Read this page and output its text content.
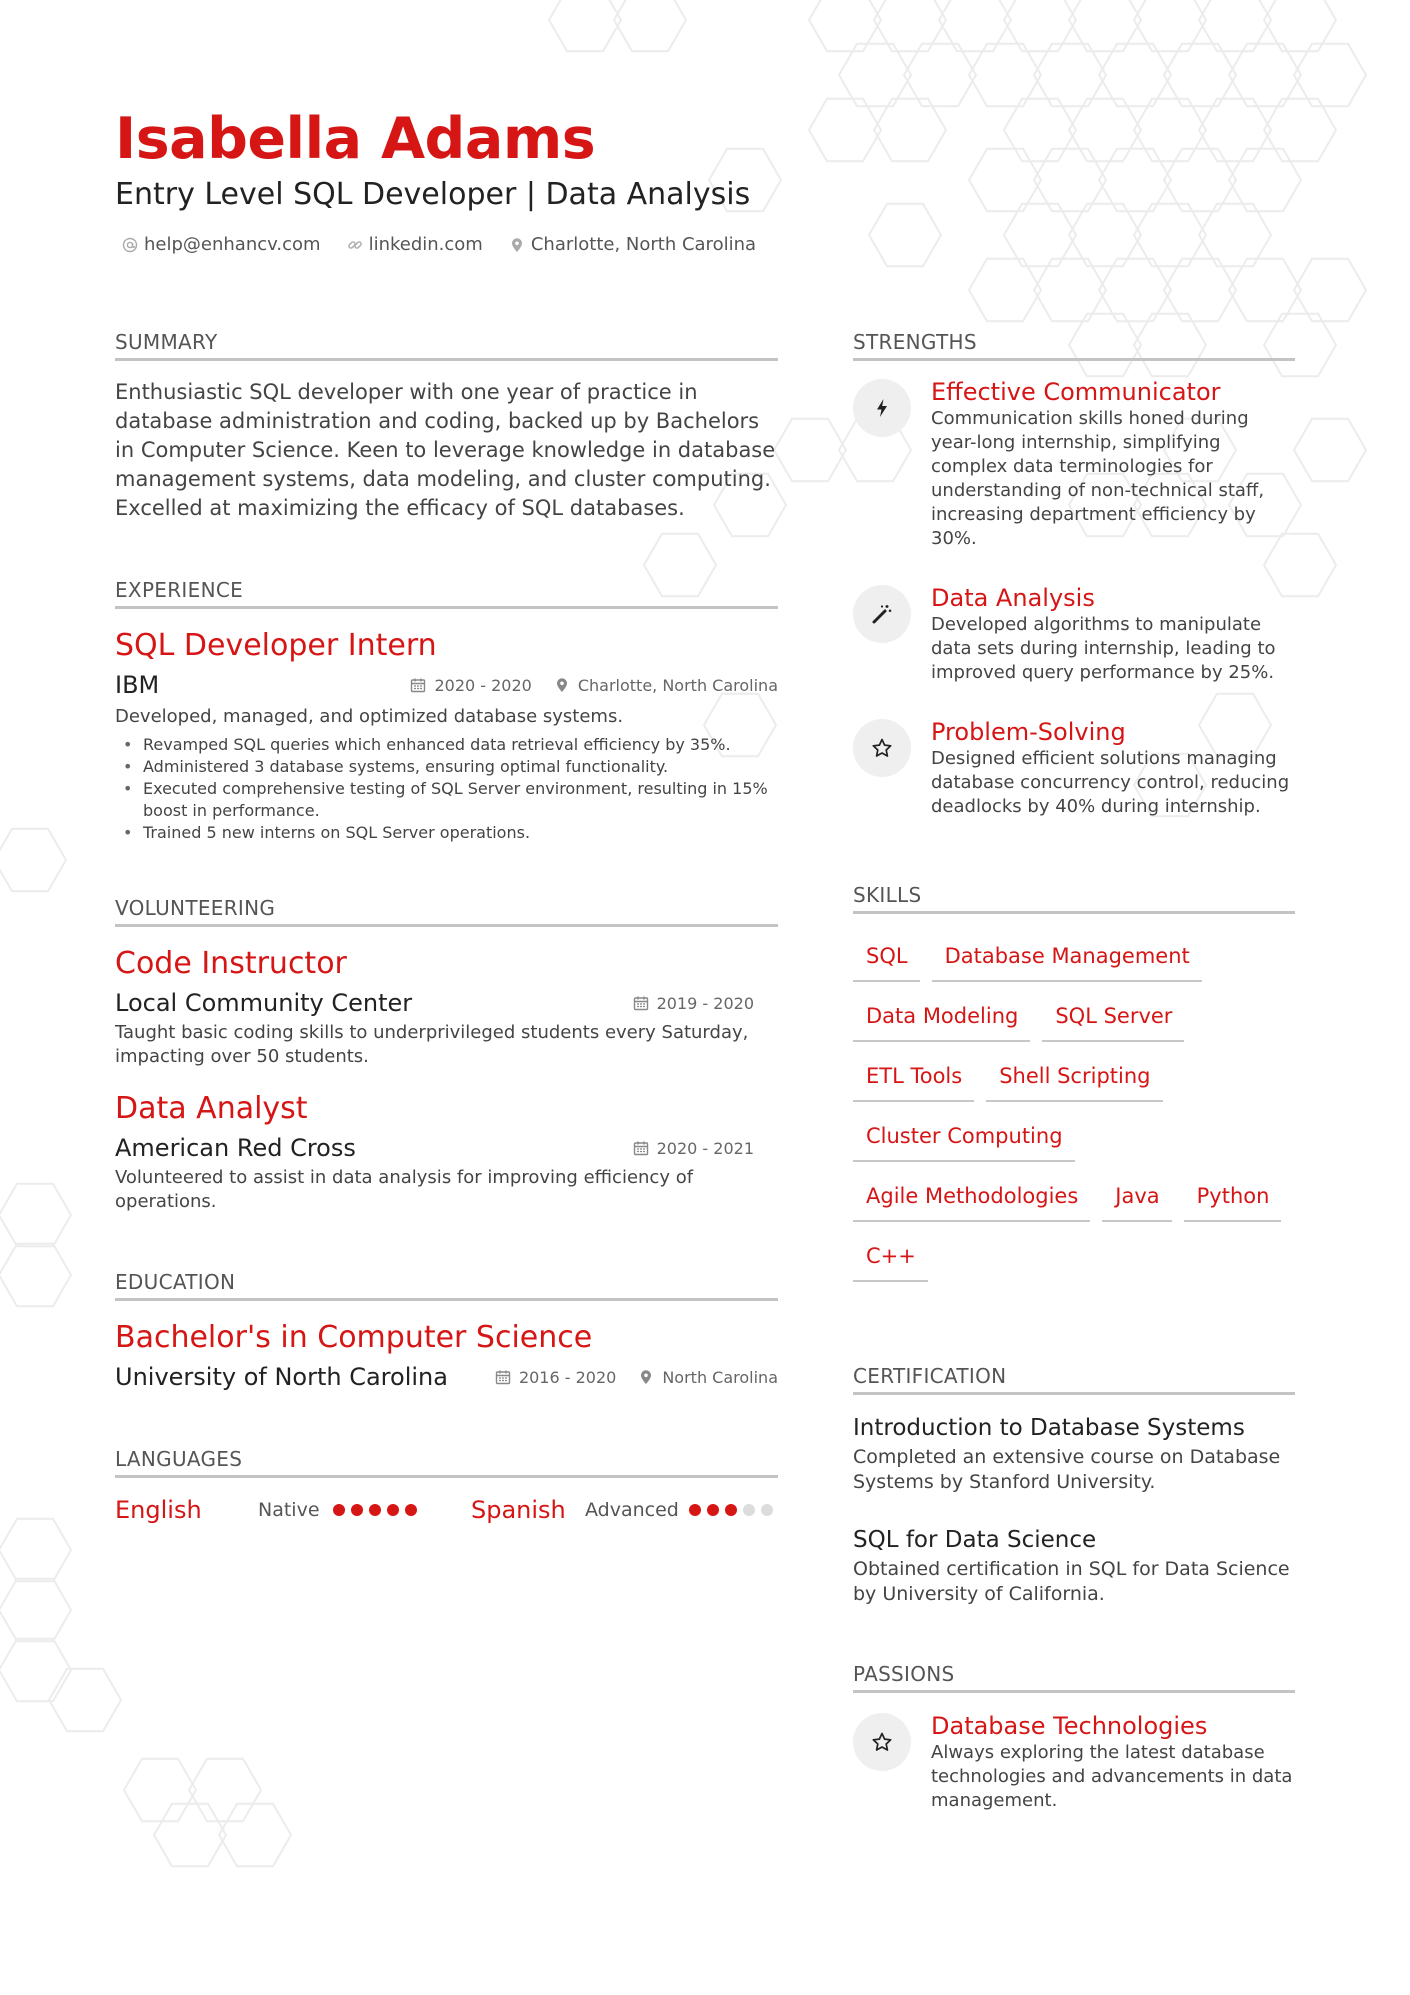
Isabella Adams
Entry Level SQL Developer | Data Analysis
help@enhancv.com	linkedin.com	Charlotte, North Carolina
SUMMARY
Enthusiastic SQL developer with one year of practice in database administration and coding, backed up by Bachelors in Computer Science. Keen to leverage knowledge in database management systems, data modeling, and cluster computing. Excelled at maximizing the efficacy of SQL databases.
EXPERIENCE
SQL Developer Intern
IBM	2020 - 2020	Charlotte, North Carolina
Developed, managed, and optimized database systems.
• Revamped SQL queries which enhanced data retrieval efficiency by 35%.
• Administered 3 database systems, ensuring optimal functionality.
• Executed comprehensive testing of SQL Server environment, resulting in 15% boost in performance.
• Trained 5 new interns on SQL Server operations.
VOLUNTEERING
Code Instructor
Local Community Center	2019 - 2020
Taught basic coding skills to underprivileged students every Saturday, impacting over 50 students.
Data Analyst
American Red Cross	2020 - 2021
Volunteered to assist in data analysis for improving efficiency of operations.
EDUCATION
Bachelor's in Computer Science
University of North Carolina	2016 - 2020	North Carolina
LANGUAGES
English	Native	Spanish	Advanced
STRENGTHS
Effective Communicator
Communication skills honed during year-long internship, simplifying complex data terminologies for understanding of non-technical staff, increasing department efficiency by 30%.
Data Analysis
Developed algorithms to manipulate data sets during internship, leading to improved query performance by 25%.
Problem-Solving
Designed efficient solutions managing database concurrency control, reducing deadlocks by 40% during internship.
SKILLS
SQL	Database Management
Data Modeling	SQL Server
ETL Tools	Shell Scripting
Cluster Computing
Agile Methodologies	Java	Python
C++
CERTIFICATION
Introduction to Database Systems
Completed an extensive course on Database Systems by Stanford University.
SQL for Data Science
Obtained certification in SQL for Data Science by University of California.
PASSIONS
Database Technologies
Always exploring the latest database technologies and advancements in data management.
